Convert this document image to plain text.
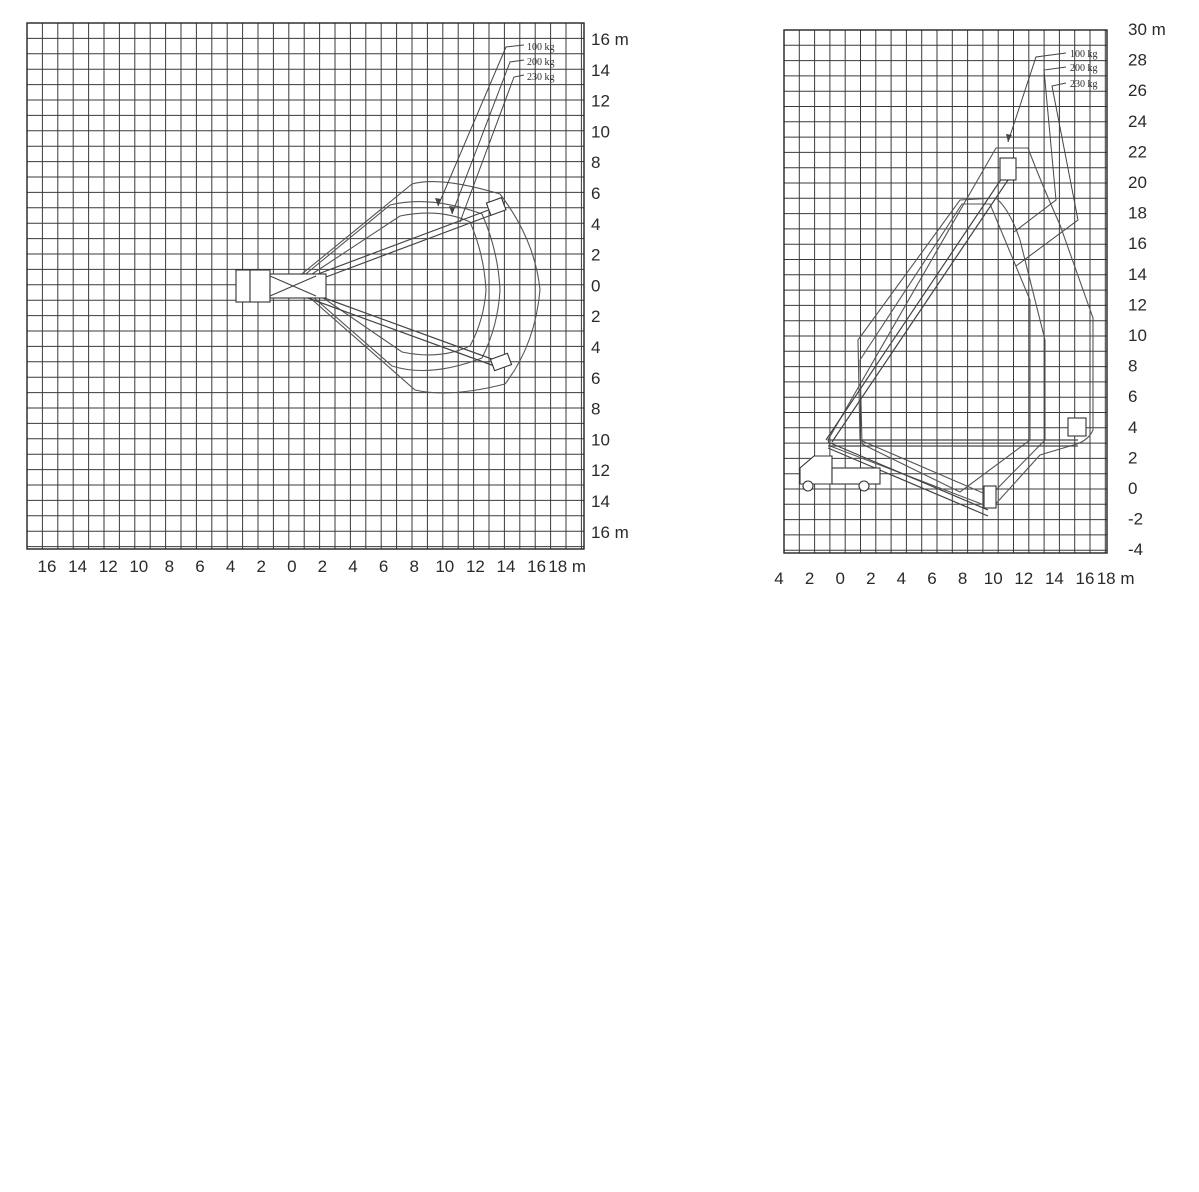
100 kg
200 kg
230 kg
16 m
14
12
10
8
6
4
2
0
2
4
6
8
10
12
14
16 m
16 14 12 10 8 6 4 2 0 2 4 6 8 10 12 14 16 18 m
100 kg
200 kg
230 kg
30 m
28
26
24
22
20
18
16
14
12
10
8
6
4
2
0
-2
-4
4 2 0 2 4 6 8 10 12 14 16 18 m
